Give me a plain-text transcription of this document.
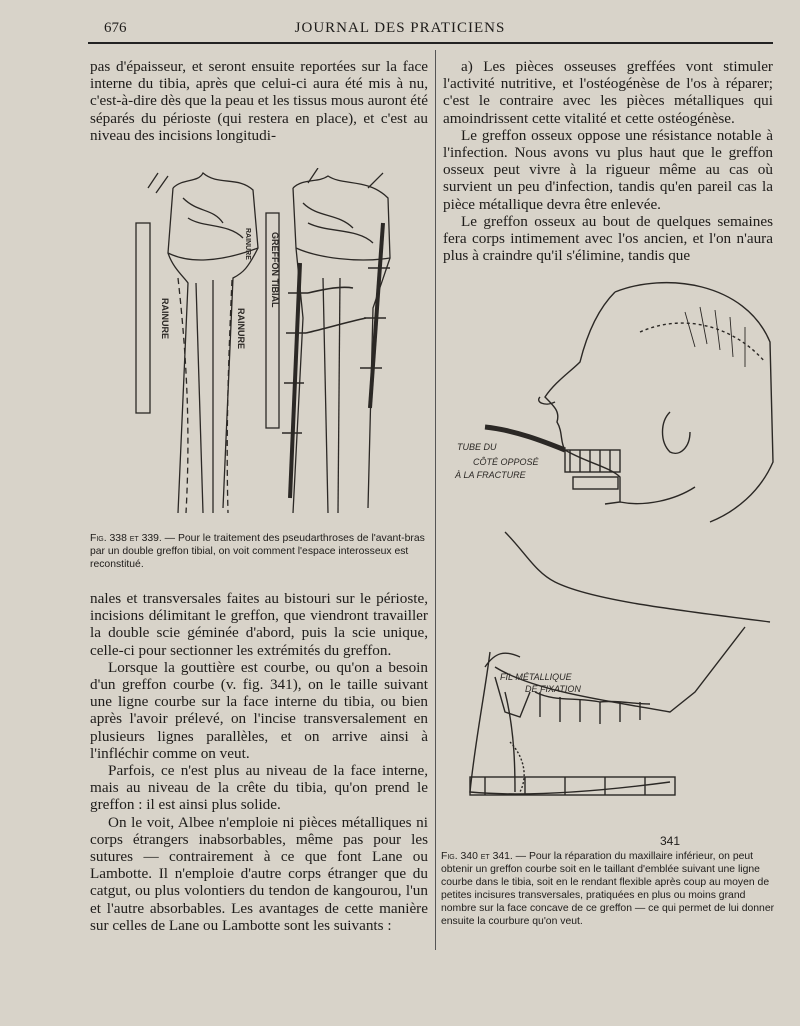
676	JOURNAL DES PRATICIENS

pas d'épaisseur, et seront ensuite reportées sur la face interne du tibia, après que celui-ci aura été mis à nu, c'est-à-dire dès que la peau et les tissus mous auront été séparés du périoste (qui restera en place), et c'est au niveau des incisions longitudi-

RAINURE
GREFFON TIBIAL
RAINURE
RAINURE
Fig. 338 et 339. — Pour le traitement des pseudarthroses de l'avant-bras par un double greffon tibial, on voit comment l'espace interosseux est reconstitué.

nales et transversales faites au bistouri sur le périoste, incisions délimitant le greffon, que viendront travailler la double scie géminée d'abord, puis la scie unique, celle-ci pour sectionner les extrémités du greffon.

Lorsque la gouttière est courbe, ou qu'on a besoin d'un greffon courbe (v. fig. 341), on le taille suivant une ligne courbe sur la face interne du tibia, ou bien après l'avoir prélevé, on l'incise transversalement en plusieurs lignes parallèles, et on arrive ainsi à l'infléchir comme on veut.

Parfois, ce n'est plus au niveau de la face interne, mais au niveau de la crête du tibia, qu'on prend le greffon : il est ainsi plus solide.

On le voit, Albee n'emploie ni pièces métalliques ni corps étrangers inabsorbables, même pas pour les sutures — contrairement à ce que font Lane ou Lambotte. Il n'emploie d'autre corps étranger que du catgut, ou plus volontiers du tendon de kangourou, l'un et l'autre absorbables. Les avantages de cette manière sur celles de Lane ou Lambotte sont les suivants :

a) Les pièces osseuses greffées vont stimuler l'activité nutritive, et l'ostéogénèse de l'os à réparer; c'est le contraire avec les pièces métalliques qui amoindrissent cette vitalité et cette ostéogénèse.

Le greffon osseux oppose une résistance notable à l'infection. Nous avons vu plus haut que le greffon osseux peut vivre à la rigueur même au cas où survient un peu d'infection, tandis qu'en pareil cas la pièce métallique devra être enlevée.

Le greffon osseux au bout de quelques semaines fera corps intimement avec l'os ancien, et l'on n'aura plus à craindre qu'il s'élimine, tandis que

TUBE DU
CÔTÉ OPPOSÉ
À LA FRACTURE
FIL MÉTALLIQUE
DE FIXATION
341
Fig. 340 et 341. — Pour la réparation du maxillaire inférieur, on peut obtenir un greffon courbe soit en le taillant d'emblée suivant une ligne courbe dans le tibia, soit en le rendant flexible après coup au moyen de petites incisures transversales, pratiquées en plus ou moins grand nombre sur la face concave de ce greffon — ce qui permet de lui donner ensuite la courbure qu'on veut.
